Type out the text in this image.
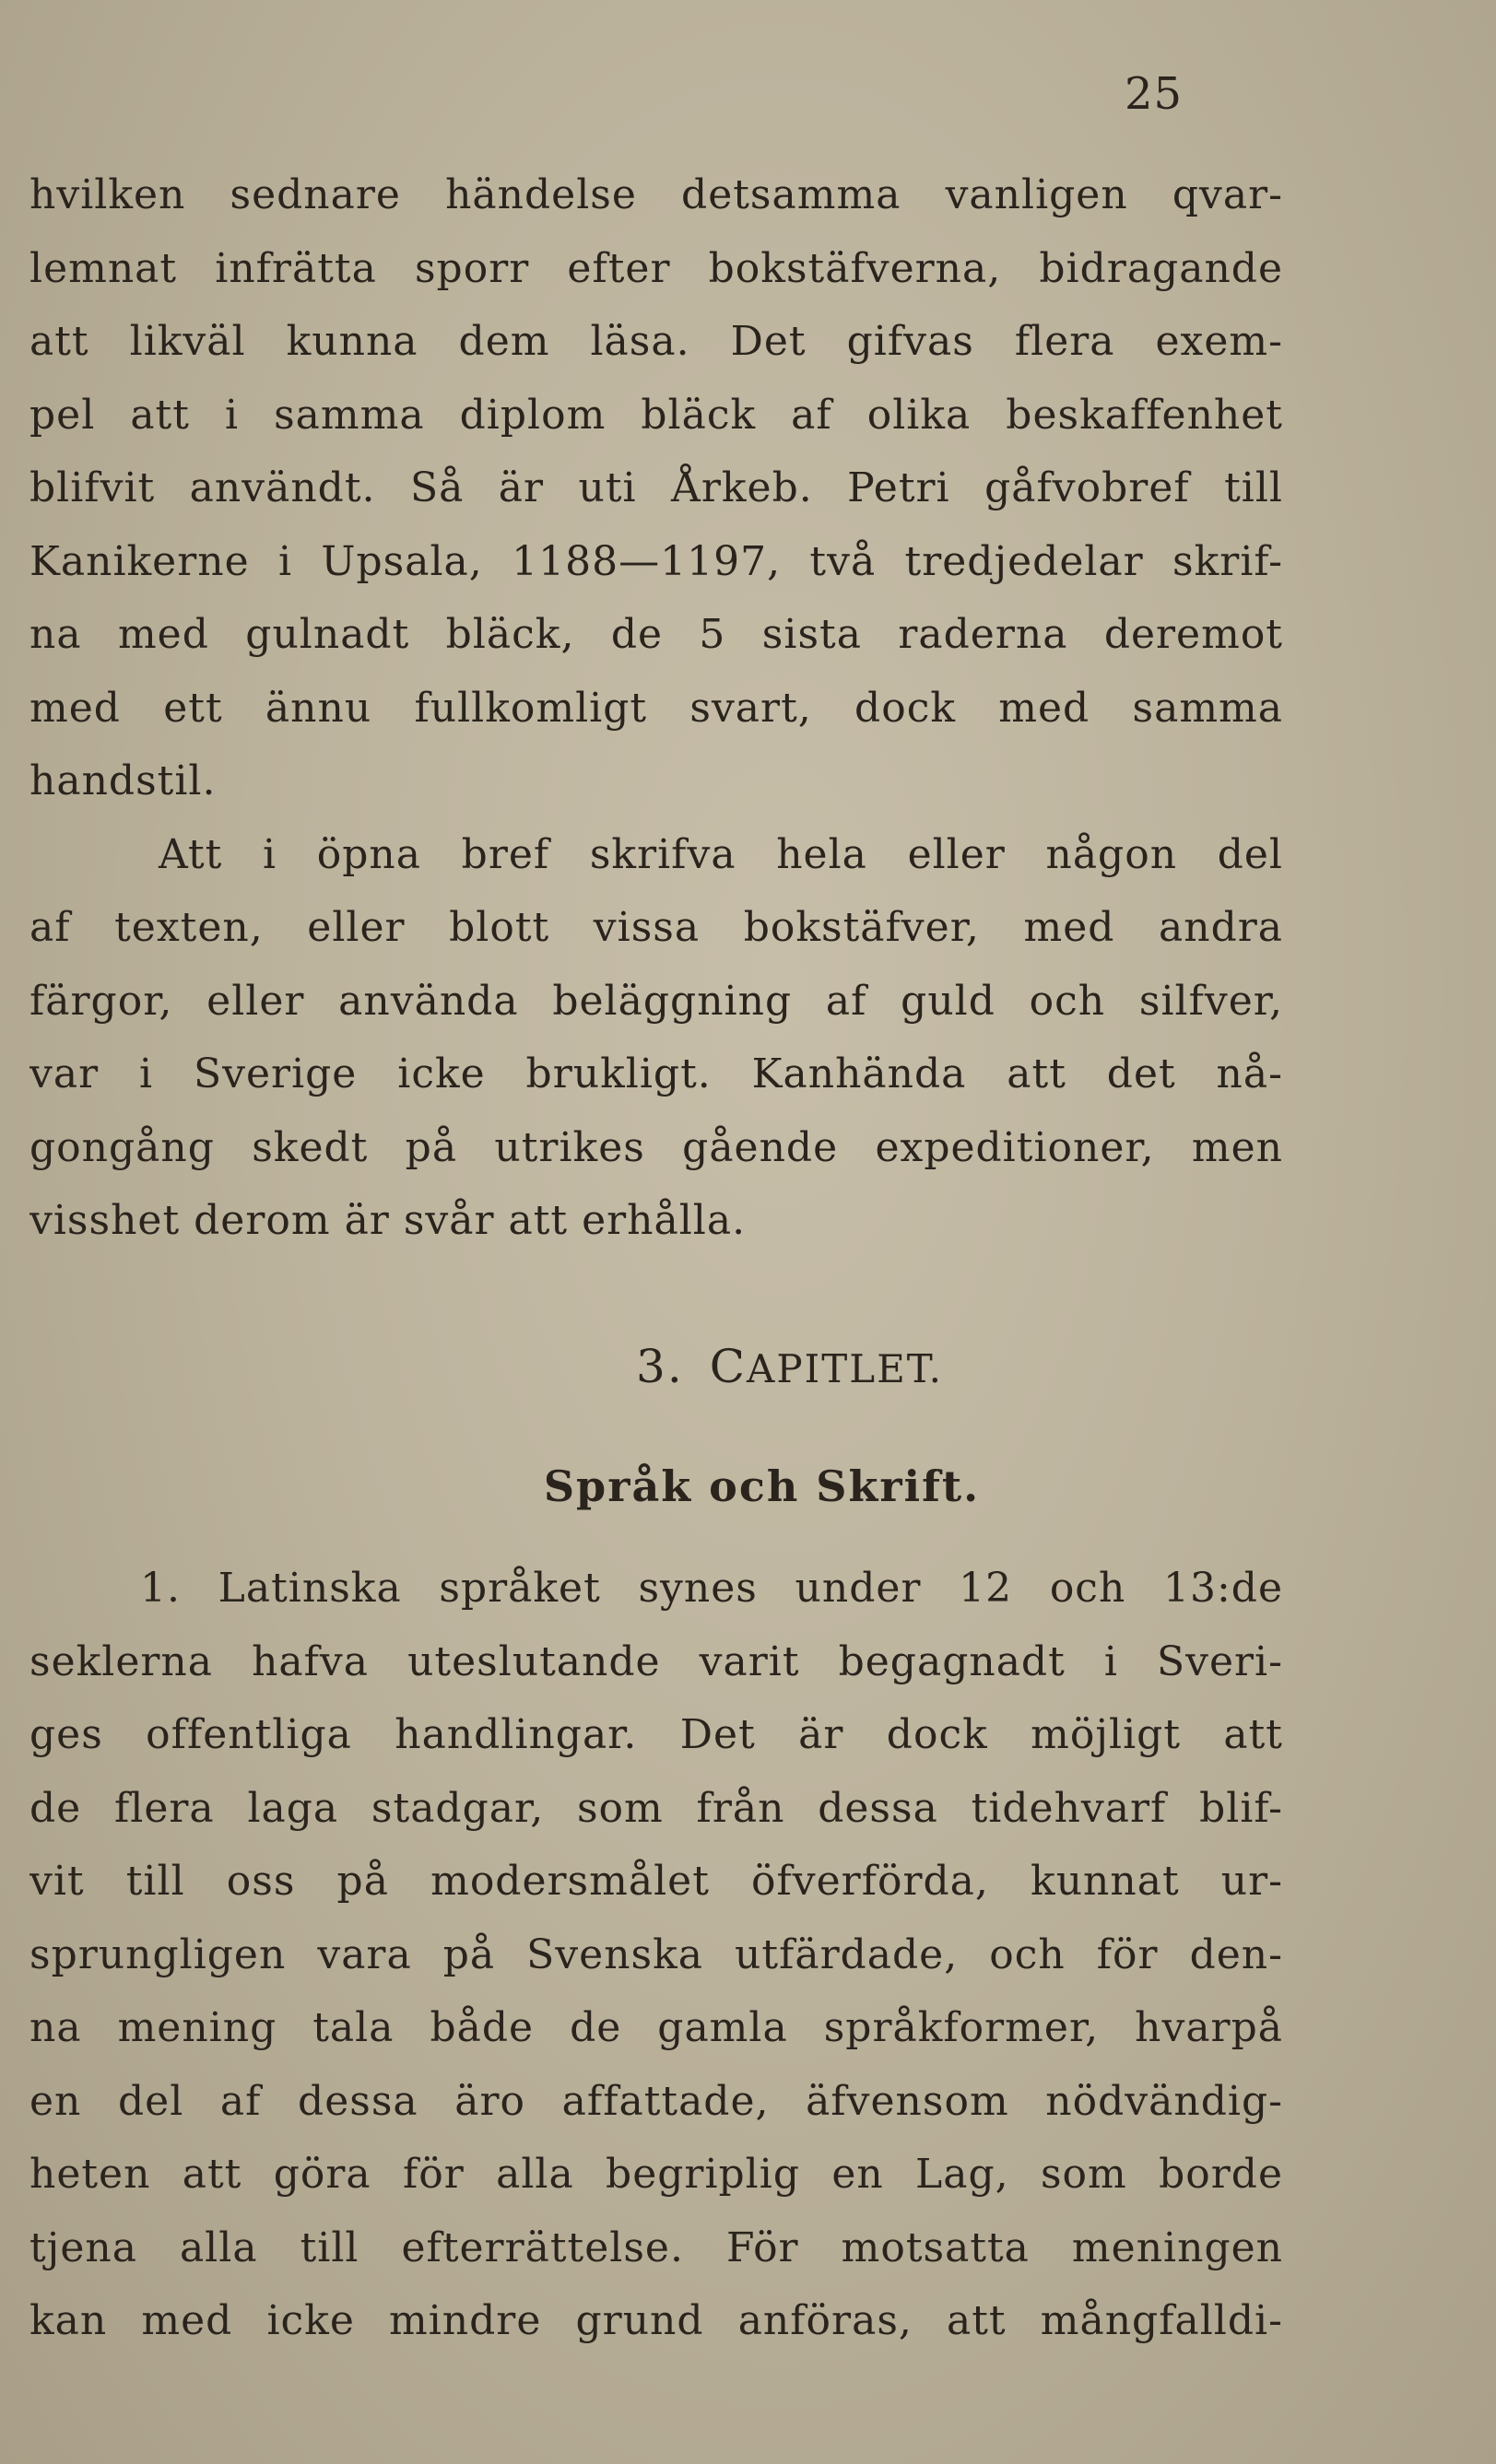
25
hvilken sednare händelse detsamma vanligen qvar-
lemnat infrätta sporr efter bokstäfverna, bidragande
att likväl kunna dem läsa. Det gifvas flera exem-
pel att i samma diplom bläck af olika beskaffenhet
blifvit användt. Så är uti Årkeb. Petri gåfvobref till
Kanikerne i Upsala, 1188—1197, två tredjedelar skrif-
na med gulnadt bläck, de 5 sista raderna deremot
med ett ännu fullkomligt svart, dock med samma
handstil.
Att i öpna bref skrifva hela eller någon del
af texten, eller blott vissa bokstäfver, med andra
färgor, eller använda beläggning af guld och silfver,
var i Sverige icke brukligt. Kanhända att det nå-
gongång skedt på utrikes gående expeditioner, men
visshet derom är svår att erhålla.
3. CAPITLET.
Språk och Skrift.
1. Latinska språket synes under 12 och 13:de
seklerna hafva uteslutande varit begagnadt i Sveri-
ges offentliga handlingar. Det är dock möjligt att
de flera laga stadgar, som från dessa tidehvarf blif-
vit till oss på modersmålet öfverförda, kunnat ur-
sprungligen vara på Svenska utfärdade, och för den-
na mening tala både de gamla språkformer, hvarpå
en del af dessa äro affattade, äfvensom nödvändig-
heten att göra för alla begriplig en Lag, som borde
tjena alla till efterrättelse. För motsatta meningen
kan med icke mindre grund anföras, att mångfalldi-
